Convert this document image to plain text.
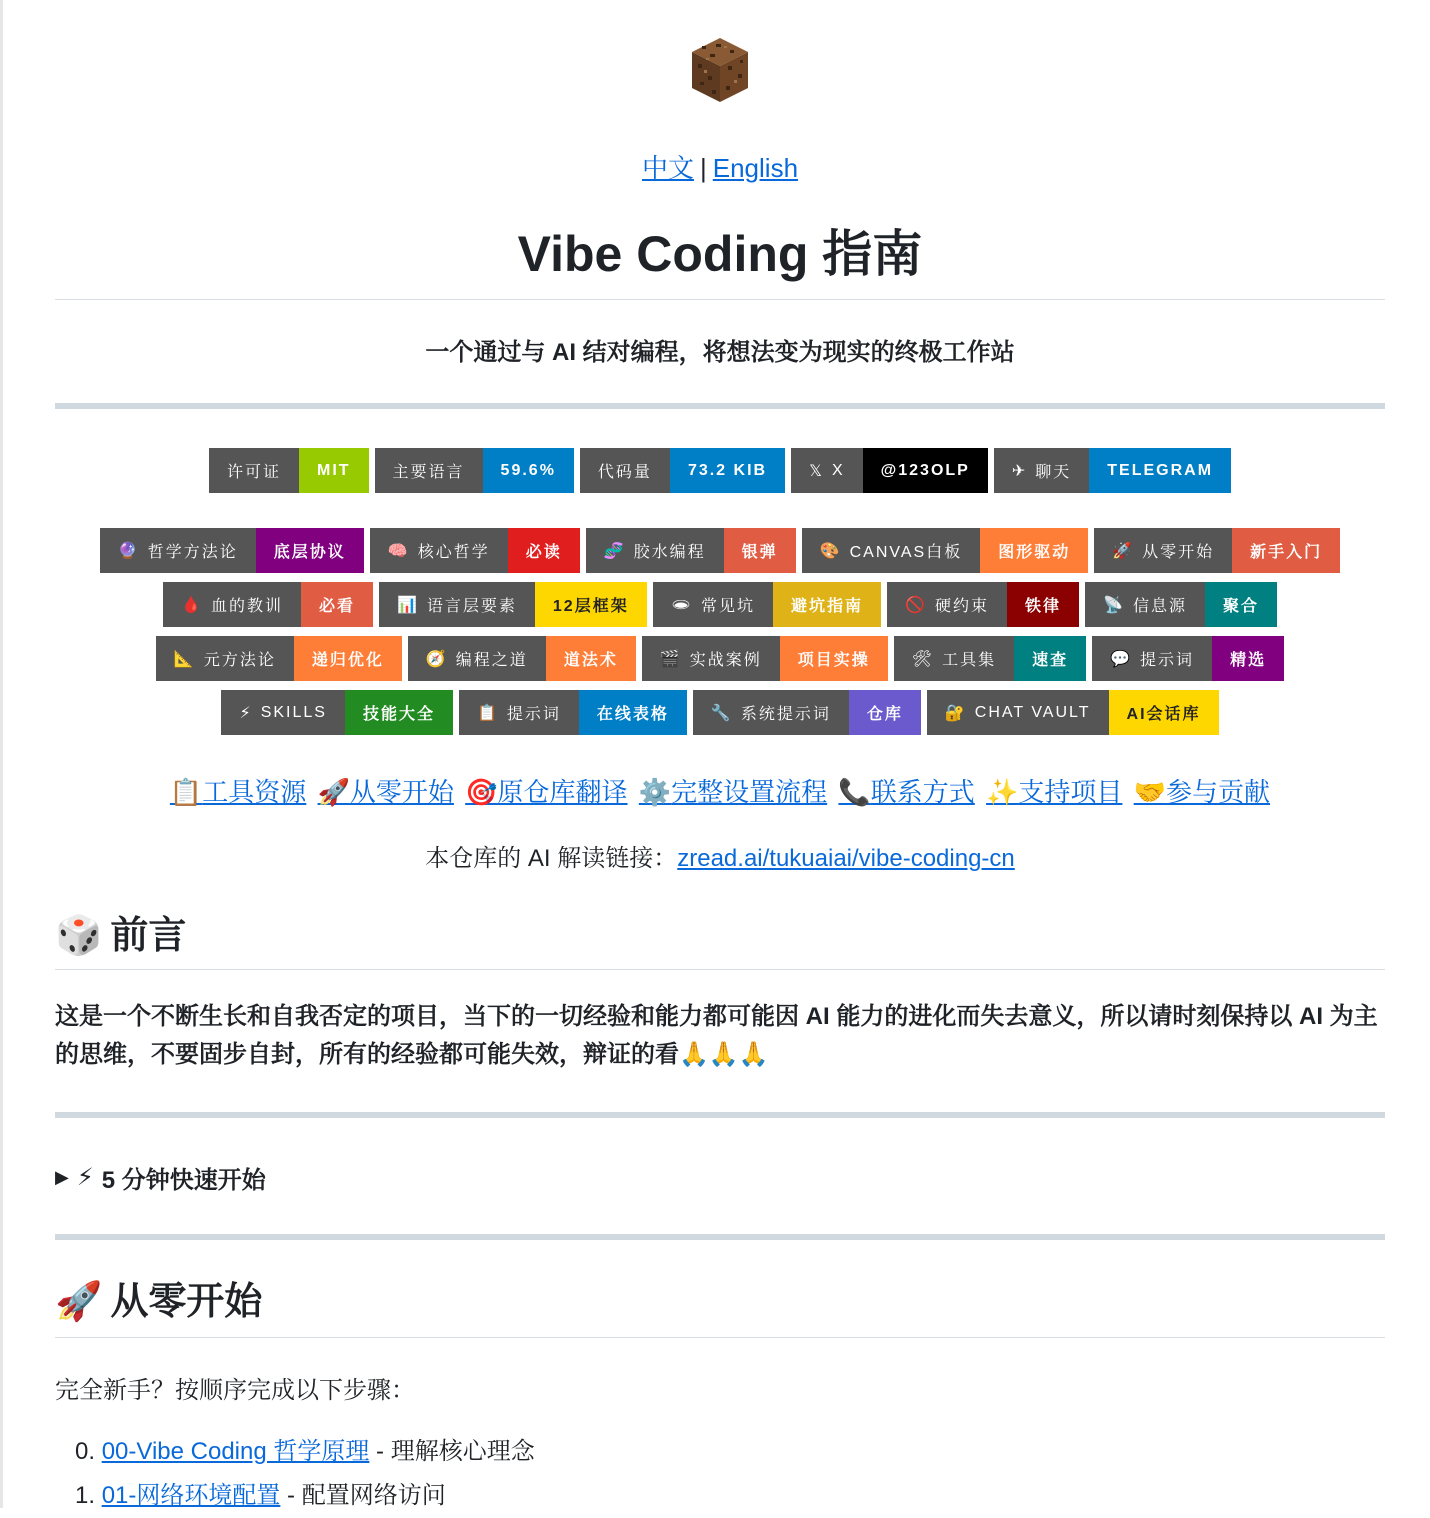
中文 | English
Vibe Coding 指南
一个通过与 AI 结对编程，将想法变为现实的终极工作站
许可证	MIT	主要语言	59.6%	代码量	73.2 KIB	𝕏 X	@123OLP	✈ 聊天	TELEGRAM
🔮 哲学方法论	底层协议	🧠 核心哲学	必读	🧬 胶水编程	银弹	🎨 CANVAS白板	图形驱动	🚀 从零开始	新手入门
🩸 血的教训	必看	📊 语言层要素	12层框架	🕳 常见坑	避坑指南	🚫 硬约束	铁律	📡 信息源	聚合
📐 元方法论	递归优化	🧭 编程之道	道法术	🎬 实战案例	项目实操	🛠 工具集	速查	💬 提示词	精选
⚡ SKILLS	技能大全	📋 提示词	在线表格	🔧 系统提示词	仓库	🔐 CHAT VAULT	AI会话库
📋工具资源 🚀从零开始 🎯原仓库翻译 ⚙️完整设置流程 📞联系方式 ✨支持项目 🤝参与贡献
本仓库的 AI 解读链接：zread.ai/tukuaiai/vibe-coding-cn
🎲 前言
这是一个不断生长和自我否定的项目，当下的一切经验和能力都可能因 AI 能力的进化而失去意义，所以请时刻保持以 AI 为主的思维，不要固步自封，所有的经验都可能失效，辩证的看🙏🙏🙏
▶ ⚡ 5 分钟快速开始
🚀 从零开始
完全新手？按顺序完成以下步骤：
0. 00-Vibe Coding 哲学原理 - 理解核心理念
1. 01-网络环境配置 - 配置网络访问
